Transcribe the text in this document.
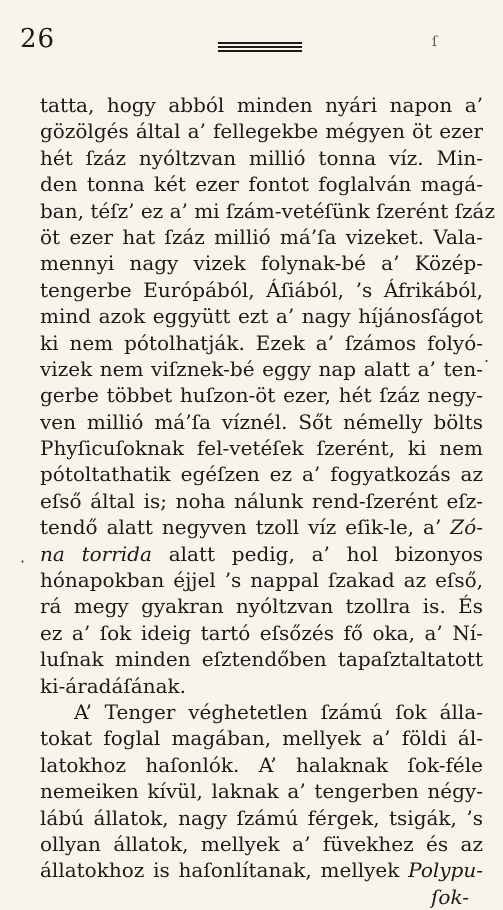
26	ſ
tatta, hogy abból minden nyári napon a’
gözölgés által a’ fellegekbe mégyen öt ezer
hét ſzáz nyóltzvan millió tonna víz. Min-
den tonna két ezer fontot foglalván magá-
ban, téſz’ ez a’ mi ſzám-vetéſünk ſzerént ſzáz
öt ezer hat ſzáz millió má’ſa vizeket. Vala-
mennyi nagy vizek folynak-bé a’ Közép-
tengerbe Európából, Áſiából, ’s Áfrikából,
mind azok eggyütt ezt a’ nagy híjánosſágot
ki nem pótolhatják. Ezek a’ ſzámos folyó-
vizek nem viſznek-bé eggy nap alatt a’ ten-
gerbe többet huſzon-öt ezer, hét ſzáz negy-
ven millió má’ſa víznél. Sőt némelly bölts
Phyſicuſoknak fel-vetéſek ſzerént, ki nem
pótoltathatik egéſzen ez a’ fogyatkozás az
eſső által is; noha nálunk rend-ſzerént eſz-
tendő alatt negyven tzoll víz eſik-le, a’ Zó-
na torrida alatt pedig, a’ hol bizonyos
hónapokban éjjel ’s nappal ſzakad az eſső,
rá megy gyakran nyóltzvan tzollra is. És
ez a’ ſok ideig tartó eſsőzés fő oka, a’ Ní-
luſnak minden eſztendőben tapaſztaltatott
ki-áradáſának.
A’ Tenger véghetetlen ſzámú ſok álla-
tokat foglal magában, mellyek a’ földi ál-
latokhoz haſonlók. A’ halaknak ſok-féle
nemeiken kívül, laknak a’ tengerben négy-
lábú állatok, nagy ſzámú férgek, tsigák, ’s
ollyan állatok, mellyek a’ füvekhez és az
állatokhoz is haſonlítanak, mellyek Polypu-
ſok-
·
.
